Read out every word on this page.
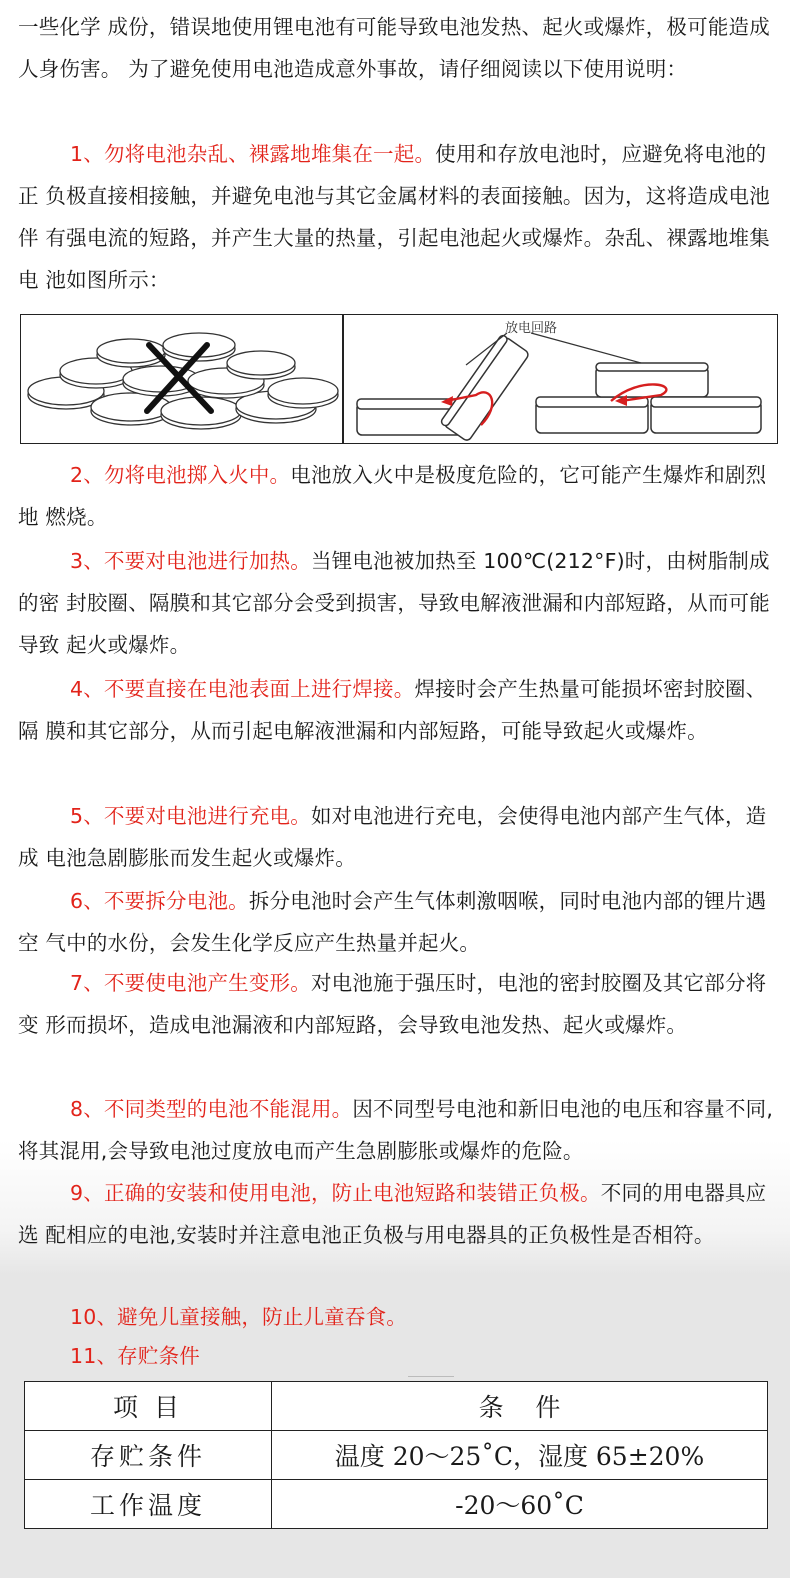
一些化学 成份，错误地使用锂电池有可能导致电池发热、起火或爆炸，极可能造成人身伤害。 为了避免使用电池造成意外事故，请仔细阅读以下使用说明：

1、勿将电池杂乱、裸露地堆集在一起。使用和存放电池时，应避免将电池的正 负极直接相接触，并避免电池与其它金属材料的表面接触。因为，这将造成电池伴 有强电流的短路，并产生大量的热量，引起电池起火或爆炸。杂乱、裸露地堆集电 池如图所示：

放电回路

2、勿将电池掷入火中。电池放入火中是极度危险的，它可能产生爆炸和剧烈地 燃烧。

3、不要对电池进行加热。当锂电池被加热至 100℃(212°F)时，由树脂制成的密 封胶圈、隔膜和其它部分会受到损害，导致电解液泄漏和内部短路，从而可能导致 起火或爆炸。

4、不要直接在电池表面上进行焊接。焊接时会产生热量可能损坏密封胶圈、隔 膜和其它部分，从而引起电解液泄漏和内部短路，可能导致起火或爆炸。

5、不要对电池进行充电。如对电池进行充电，会使得电池内部产生气体，造成 电池急剧膨胀而发生起火或爆炸。

6、不要拆分电池。拆分电池时会产生气体刺激咽喉，同时电池内部的锂片遇空 气中的水份，会发生化学反应产生热量并起火。

7、不要使电池产生变形。对电池施于强压时，电池的密封胶圈及其它部分将变 形而损坏，造成电池漏液和内部短路，会导致电池发热、起火或爆炸。

8、不同类型的电池不能混用。因不同型号电池和新旧电池的电压和容量不同,将其混用,会导致电池过度放电而产生急剧膨胀或爆炸的危险。

9、正确的安装和使用电池，防止电池短路和装错正负极。不同的用电器具应选 配相应的电池,安装时并注意电池正负极与用电器具的正负极性是否相符。

10、避免儿童接触，防止儿童吞食。

11、存贮条件

项 目	条    件
存贮条件	温度 20～25˚C，湿度 65±20%
工作温度	-20～60˚C
